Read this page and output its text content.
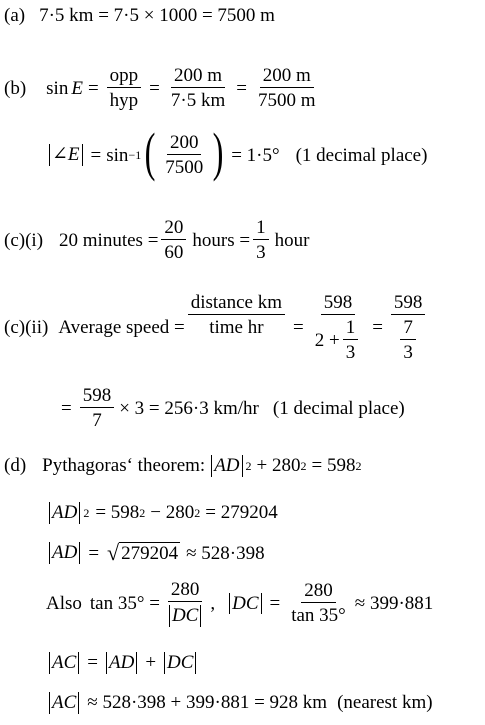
(a) 7·5 km = 7·5 × 1000 = 7500 m
(b) $\sin E = \frac{\text{opp}}{\text{hyp}} = \frac{200 m}{7\cdot 5 km} = \frac{200 m}{7500 m}$
∠E = sin −1 ( $\frac{200}{7500}$ ) = 1·5° (1 decimal place)
(c)(i) 20 minutes = $\frac{20}{60}$ hours = $\frac{1}{3}$ hour
(c)(ii) Average speed = $\frac{\text{distance km}}{\text{time hr}} = \frac{598}{2 + \frac{1}{3}} = \frac{598}{\frac{7}{3}}$
= $\frac{598}{7} \times 3 = 256\cdot 3$ km/hr (1 decimal place)
(d) Pythagoras‘ theorem: AD 2 + 280 2 = 598 2
AD 2 = 598 2 − 280 2 = 279204
AD = √ 279204 ≈ 528·398
Also $\tan 35^\circ = \frac{280}{DC}$ , DC = $\frac{280}{\tan 35^\circ} \approx 399\cdot 881$
AC = AD + DC
AC ≈ 528·398 + 399·881 = 928 km (nearest km)
